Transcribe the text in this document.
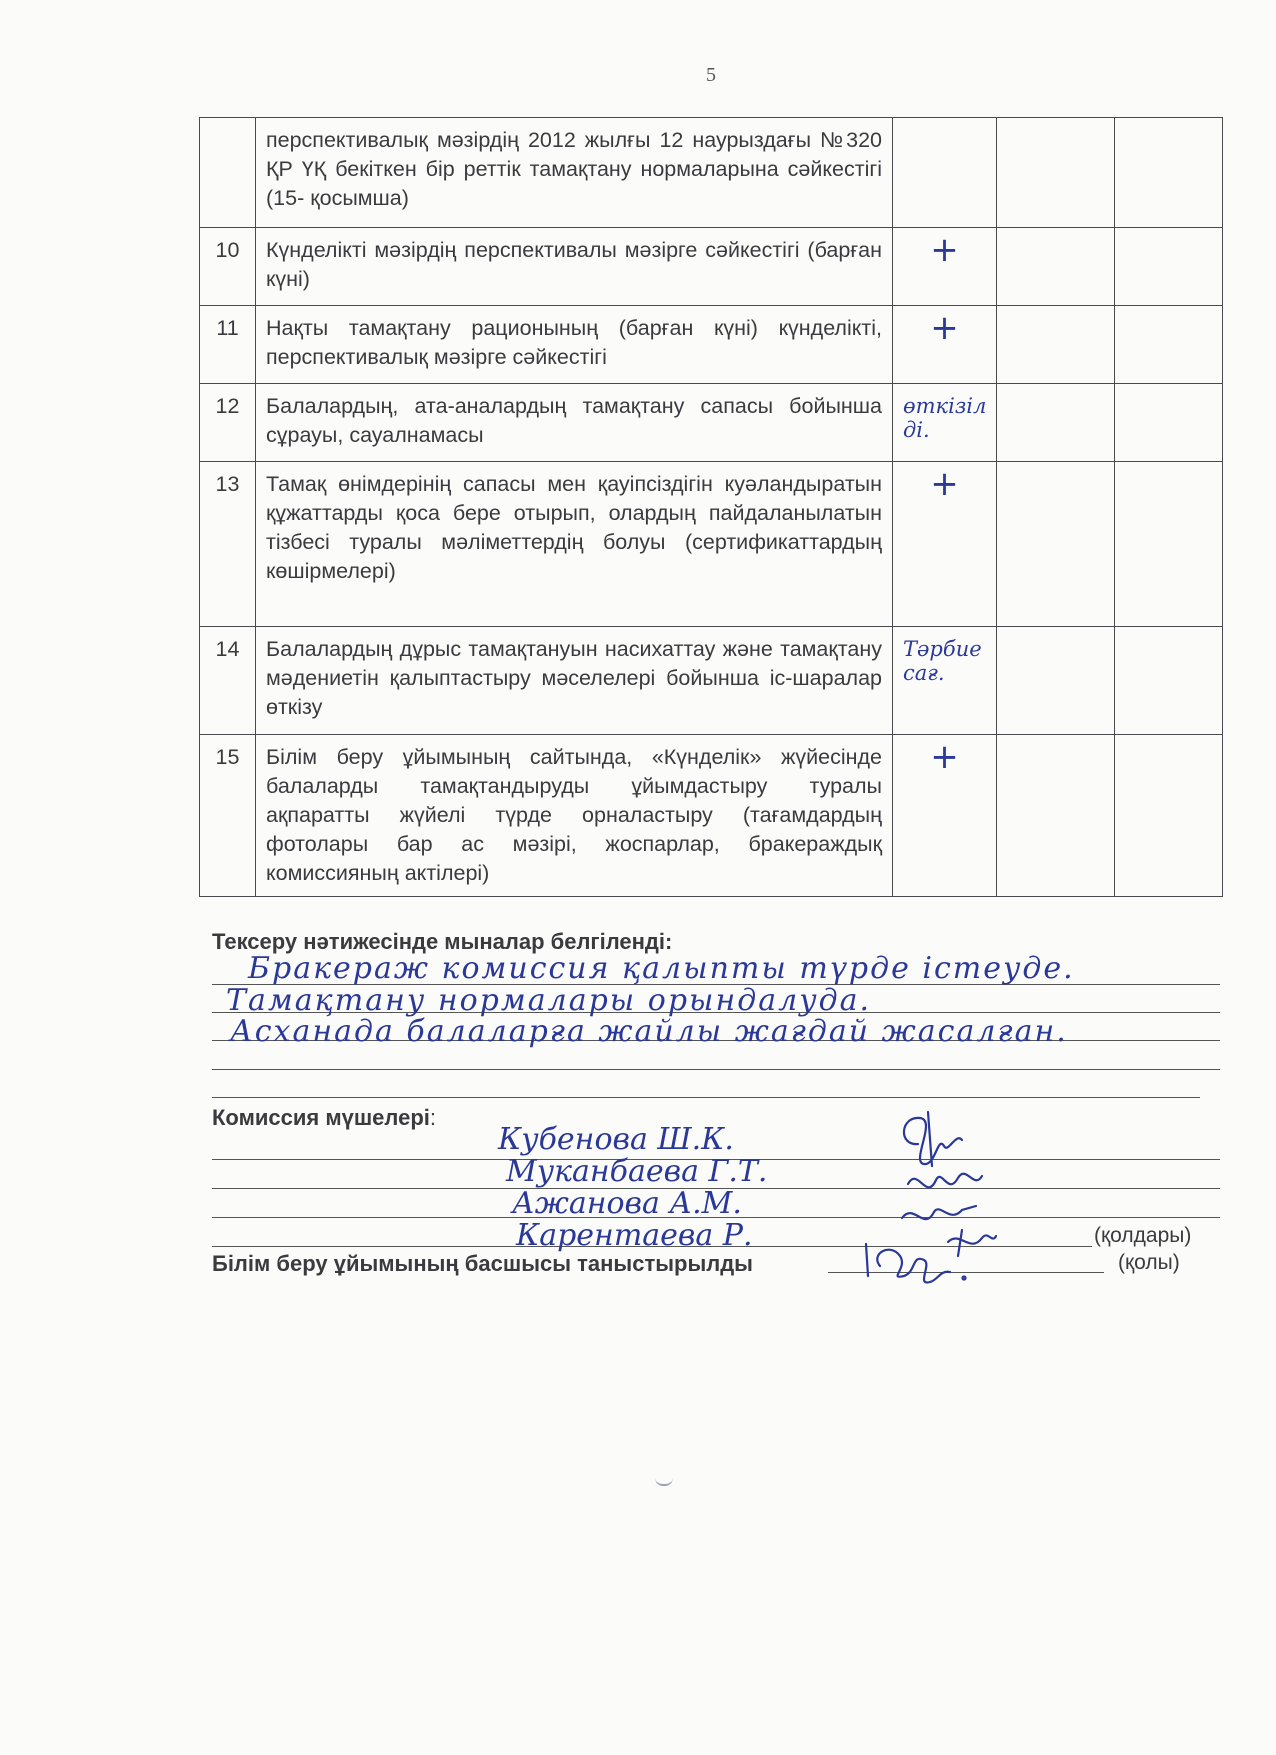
5
	перспективалық мәзірдің 2012 жылғы 12 наурыздағы №320 ҚР ҮҚ бекіткен бір реттік тамақтану нормаларына сәйкестігі (15- қосымша)			
10	Күнделікті мәзірдің перспективалы мәзірге сәйкестігі (барған күні)	+		
11	Нақты тамақтану рационының (барған күні) күнделікті, перспективалық мәзірге сәйкестігі	+		
12	Балалардың, ата-аналардың тамақтану сапасы бойынша сұрауы, сауалнамасы	өткізіл ді.		
13	Тамақ өнімдерінің сапасы мен қауіпсіздігін куәландыратын құжаттарды қоса бере отырып, олардың пайдаланылатын тізбесі туралы мәліметтердің болуы (сертификаттардың көшірмелері)	+		
14	Балалардың дұрыс тамақтануын насихаттау және тамақтану мәдениетін қалыптастыру мәселелері бойынша іс-шаралар өткізу	Тәрбие сағ.		
15	Білім беру ұйымының сайтында, «Күнделік» жүйесінде балаларды тамақтандыруды ұйымдастыру туралы ақпаратты жүйелі түрде орналастыру (тағамдардың фотолары бар ас мәзірі, жоспарлар, бракераждық комиссияның актілері)	+		
Тексеру нәтижесінде мыналар белгіленді:
Бракераж комиссия қалыпты түрде істеуде.
Тамақтану нормалары орындалуда.
Асханада балаларға жайлы жағдай жасалған.
Комиссия мүшелері:
Кубенова Ш.К.
Муканбаева Г.Т.
Ажанова А.М.
Карентаева Р.	(қолдары)
Білім беру ұйымының басшысы таныстырылды	(қолы)
